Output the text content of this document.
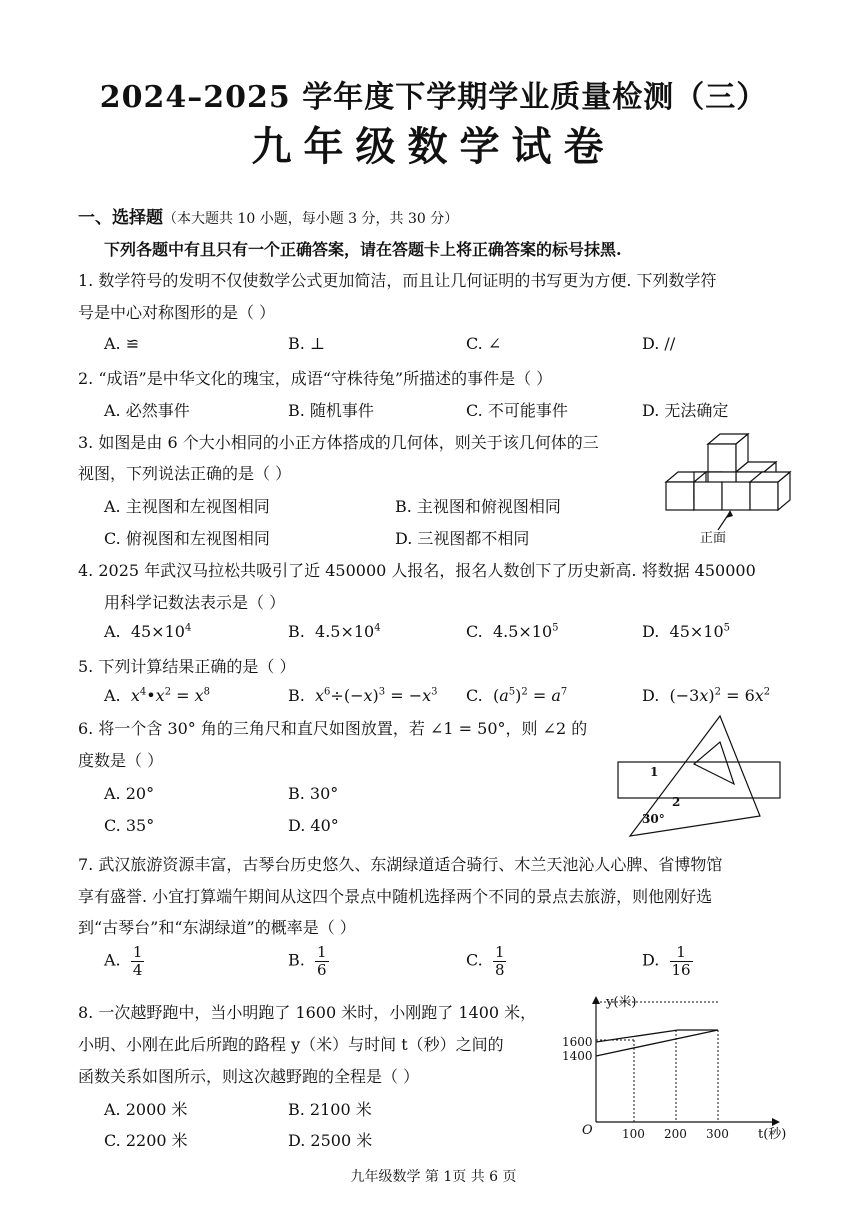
2024–2025 学年度下学期学业质量检测（三）
九年级数学试卷
一、选择题（本大题共 10 小题，每小题 3 分，共 30 分）
下列各题中有且只有一个正确答案，请在答题卡上将正确答案的标号抹黑.
1. 数学符号的发明不仅使数学公式更加简洁，而且让几何证明的书写更为方便. 下列数学符
号是中心对称图形的是（ ）
A. ≌	B. ⊥	C. ∠	D. //
2. “成语”是中华文化的瑰宝，成语“守株待兔”所描述的事件是（ ）
A. 必然事件	B. 随机事件	C. 不可能事件	D. 无法确定
3. 如图是由 6 个大小相同的小正方体搭成的几何体，则关于该几何体的三
视图，下列说法正确的是（ ）
A. 主视图和左视图相同	B. 主视图和俯视图相同
C. 俯视图和左视图相同	D. 三视图都不相同	正面
4. 2025 年武汉马拉松共吸引了近 450000 人报名，报名人数创下了历史新高. 将数据 450000
用科学记数法表示是（ ）
A. $45\times 10^4$	B. $4.5\times 10^4$	C. $4.5\times 10^5$	D. $45\times 10^5$
5. 下列计算结果正确的是（ ）
A. $x^4•x^2 = x^8$	B. $x^6\div(-x)^3 = -x^3$ C.  $(a^5)^2 = a^7$	D.  $(-3x)^2 = 6x^2$
6. 将一个含 30° 角的三角尺和直尺如图放置，若 ∠1 = 50°，则 ∠2 的
度数是（ ）
A. 20°	B. 30°
C. 35°	D. 40°
1
2
30°
7. 武汉旅游资源丰富，古琴台历史悠久、东湖绿道适合骑行、木兰天池沁人心脾、省博物馆
享有盛誉. 小宜打算端午期间从这四个景点中随机选择两个不同的景点去旅游，则他刚好选
到“古琴台”和“东湖绿道”的概率是（ ）
A. $\frac{1}{4}$	B. $\frac{1}{6}$	C. $\frac{1}{8}$	D. $\frac{1}{16}$
8. 一次越野跑中，当小明跑了 1600 米时，小刚跑了 1400 米，
小明、小刚在此后所跑的路程 y（米）与时间 t（秒）之间的
函数关系如图所示，则这次越野跑的全程是（ ）
A. 2000 米	B. 2100 米
C. 2200 米	D. 2500 米
y(米)
t(秒)
O
1600
1400
100 200 300
九年级数学 第 1页 共 6 页
